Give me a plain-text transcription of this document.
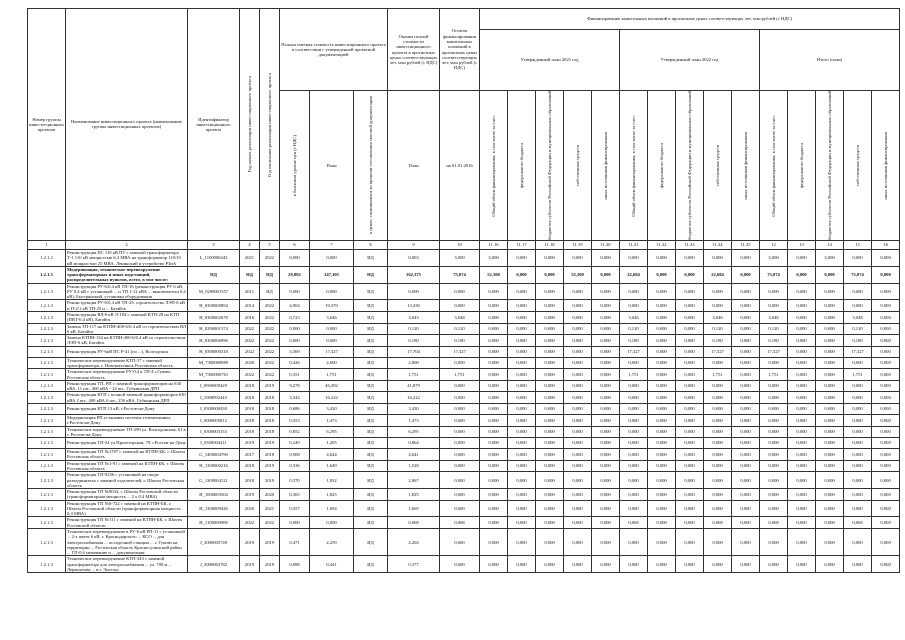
Номер группы инвести-ционных проектов	Наименование инвестиционного проекта (наименование группы инвестиционных проектов)	Идентификатор инвестиционного проекта	Год начала реализации инвестиционного проекта	Год окончания реализации инвестиционного проекта	Полная сметная стоимость инвестиционного проекта в соответствии с утвержденной проектной документацией			Оценка полной стоимости инвестиционного проекта в прогнозных ценах соответствующих лет, млн рублей (с НДС)	Остаток финансирования капитальных вложений в прогнозных ценах соответствующих лет, млн рублей (с НДС)	Финансирование капитальных вложений в прогнозных ценах соответствующих лет, млн рублей (с НДС)														
										Утвержденный план 2021 год					Утвержденный план 2022 год					Итого (план)				

					в базисном уровне цен (с НДС)	План	в ценах, сложившихся ко времени составления сметной документации	План	на 01.01.2016	Общий объем финансирования, в том числе за счет:	федерального бюджета	бюджетов субъектов Российской Федерации и муниципальных образований	собственных средств	иных источников финансирования	Общий объем финансирования, в том числе за счет:	федерального бюджета	бюджетов субъектов Российской Федерации и муниципальных образований	собственных средств	иных источников финансирования	Общий объем финансирования, в том числе за счет:	федерального бюджета	бюджетов субъектов Российской Федерации и муниципальных образований	собственных средств	иных источников финансирования

1	2	3	4	5	6	7	8	9	10	11.16	11.17	11.18	11.19	11.20	11.21	11.22	11.23	11.24	11.25	12	13	14	15	16
1.2.1.2	Реконструкция ПС 110 кВ ПТ с заменой трансформатора Т-1 110 кВ мощностью 6,3 МВА на трансформатор 110/10 кВ мощностью 25 МВА, Ленинский и устройство РЗиА	L_1100006443	2021	2022	0,000	0,000	ИД	0,003	3,000	3,000	0,000	0,000	0,000	0,000	0,000	0,000	0,000	0,000	0,000	3,000	0,000	3,000	0,000	0,000
1.2.1.3	Модернизация, техническое перевооружение трансформаторных и иных подстанций, распределительных пунктов, всего, в том числе:	НД	НД	НД	29,802	347,105	НД	162,375	75,074	52,300	0,000	0,000	52,300	0,000	22,684	0,000	0,000	22,684	0,000	75,074	0,000	0,000	75,074	0,000
1.2.1.3	Реконструкция РУ-6/0,4 кВ ТП-16 (реконструкция РУ 6 кВ, РУ 0,4 кВ с установкой ... и ТП 1-12 кВА ... выключатели 0,4 кВ), Быстрянский, установка оборудования	M_0290001357	2011	НД	0,000	0,000	ИД	0,000	0,000	0,000	0,000	0,000	0,000	0,000	0,000	0,000	0,000	0,000	0,000	0,000	0,000	0,000	0,000	0,000
1.2.1.3	Реконструкция РУ-6/0,4 кВ ТП-25, строительство ЛЭП-6 кВ и П-2/1 кВ ТП-25 и ... Батайск	H_0300000894	2014	2022	4,904	19,370	ИД	13,430	0,000	0,000	0,000	0,000	0,000	0,000	0,000	0,000	0,000	0,000	0,000	0,000	0,000	0,000	0,000	0,000
1.2.1.3	Реконструкция ВЛ-6 кВ Л-104 с заменой КТП-28 на КТП (ПВТ-0,4 кВ), Батайск	H_0300002678	2016	2022	0,723	3,646	ИД	3,043	3,048	0,000	0,000	0,000	0,000	0,000	3,046	0,000	0,000	3,046	0,000	3,048	0,000	0,000	3,048	0,000
1.2.1.3	Замена ТП-117 на КТПН-400-6/0,4 кВ со строительством ВЛ 6 кВ, Батайск	H_0290001374	2022	2022	0,000	0,000	ИД	0,120	0,120	0,000	0,000	0,000	0,000	0,000	0,120	0,000	0,000	0,120	0,000	0,120	0,000	0,000	0,120	0,000
1.2.1.3	Замена КТПН-134 на КТПН-400-6/0,4 кВ со строительством ЛЭП-6 кВ, Батайск	H_0300006996	2022	2022	0,000	0,000	ИД	0,180	0,180	0,000	0,000	0,000	0,000	0,000	0,180	0,000	0,000	0,180	0,000	0,180	0,000	0,000	0,180	0,000
1.2.1.3	Реконструкция РУ-6кВ ПС Р-41 (по ...), Волгодонск	H_0390000318	2022	2022	3,369	17,327	ИД	17,704	17,327	0,000	0,000	0,000	0,000	0,000	17,327	0,000	0,000	17,327	0,000	17,327	0,000	0,000	17,327	0,000
1.2.1.3	Техническое перевооружение КТП-17 с заменой трансформатора, г. Новошахтинск Ростовская область	M_7300000889	2020	2022	0,426	2,600	ИД	2,800	0,000	0,000	0,000	0,000	0,000	0,000	0,000	0,000	0,000	0,000	0,000	0,000	0,000	0,000	0,000	0,000
1.2.1.3	Техническое перевооружение РУ-0,4 в ТП-4 г.Гуково Ростовская область	M_7300000761	2022	2022	0,351	1,751	ИД	1,751	1,751	0,000	0,000	0,000	0,000	0,000	1,751	0,000	0,000	1,751	0,000	1,751	0,000	0,000	1,751	0,000
1.2.1.3	Реконструкция ТП, РП с заменой трансформаторов на 630 кВА, 11 шт., 400 кВА - 12 шт., Губкинская ДРП	I_0900009429	2018	2019	9,278	46,392	ИД	41,879	0,000	0,000	0,000	0,000	0,000	0,000	0,000	0,000	0,000	0,000	0,000	0,000	0,000	0,000	0,000	0,000
1.2.1.3	Реконструкция КТП с полной заменой трансформаторов 630 кВА 2 шт., 400 кВА 6 шт., 250 кВА, Губкинская ДРП	I_1000092443	2018	2018	3,344	16,222	ИД	16,222	0,000	0,000	0,000	0,000	0,000	0,000	0,000	0,000	0,000	0,000	0,000	0,000	0,000	0,000	0,000	0,000
1.2.1.3	Реконструкция КТП 13 кВ, г.Ростов-на-Дону	I_0300000430	2018	2018	0,686	3,430	ИД	3,430	0,000	0,000	0,000	0,000	0,000	0,000	0,000	0,000	0,000	0,000	0,000	0,000	0,000	0,000	0,000	0,000
1.2.1.3	Модернизация РП установки системы телемеханики, г.Ростов-на-Дону	I_0000005812	2018	2018	0,353	1,473	ИД	1,473	0,000	0,000	0,000	0,000	0,000	0,000	0,000	0,000	0,000	0,000	0,000	0,000	0,000	0,000	0,000	0,000
1.2.1.3	Техническое перевооружение ТП-299 ул. Волгодонская, 61 в г. Ростов-на-Дону	I_0300003153	2018	2018	0,852	6,295	ИД	6,295	0,000	0,000	0,000	0,000	0,000	0,000	0,000	0,000	0,000	0,000	0,000	0,000	0,000	0,000	0,000	0,000
1.2.1.3	Реконструкция ТП-24 ул.Пролетарская, 79, г.Ростов-на-Дону	I_0300004411	2019	2019	0,249	1,205	ИД	0,864	0,000	0,000	0,000	0,000	0,000	0,000	0,000	0,000	0,000	0,000	0,000	0,000	0,000	0,000	0,000	0,000
1.2.1.3	Реконструкция ТП №1707 с заменой на КТПН-БК, г. Шахты Ростовская область	G_1400004790	2017	2018	0,908	4,644	ИД	4,641	0,000	0,000	0,000	0,000	0,000	0,000	0,000	0,000	0,000	0,000	0,000	0,000	0,000	0,000	0,000	0,000
1.2.1.3	Реконструкция ТП №1-91 с заменой на КТПН-БК, г. Шахты Ростовская область	H_1300000216	2018	2019	0,336	1,649	ИД	1,528	0,000	0,000	0,000	0,000	0,000	0,000	0,000	0,000	0,000	0,000	0,000	0,000	0,000	0,000	0,000	0,000
1.2.1.3	Реконструкция ТП-9256 с установкой на опоре разъединителя с заменой отделителей, г. Шахты Ростовская область	G_1300004121	2018	2019	0,370	1,832	ИД	2,067	0,000	0,000	0,000	0,000	0,000	0,000	0,000	0,000	0,000	0,000	0,000	0,000	0,000	0,000	0,000	0,000
1.2.1.3	Реконструкция ТП №9033, г. Шахты Ростовской области (трансформаторная мощность ... 2 х 0,4 МВА)	H_1000003504	2019	2020	0,365	1,825	ИД	1,825	0,000	0,000	0,000	0,000	0,000	0,000	0,000	0,000	0,000	0,000	0,000	0,000	0,000	0,000	0,000	0,000
1.2.1.3	Реконструкция ТП №6-722 с заменой на КТПН-БК, г. Шахты Ростовской области (трансформаторная мощность 0,4 МВА)	H_1300009426	2020	2021	0,357	1,694	ИД	1,669	0,000	0,000	0,000	0,000	0,000	0,000	0,000	0,000	0,000	0,000	0,000	0,000	0,000	0,000	0,000	0,000
1.2.1.3	Реконструкция ТП №111 с заменой на КТПН-БК, г. Шахты Ростовской области	H_1100000908	2022	2022	0,000	0,000	ИД	0,068	0,068	0,000	0,000	0,000	0,000	0,000	0,068	0,000	0,000	0,068	0,000	0,068	0,000	0,000	0,068	0,000
1.2.1.3	Техническое перевооружение в РУ-6 кВ РП-11 с установкой ... 2-х ячеек 6 кВ, г. Краснодарского ... КСО ... для электроснабжения ... посадочной станции ... г. Гуково на территории ... Ростовская область Красносулинский район ... ГП-0,6 межевание и ... документации	J_3000005749	2019	2019	0,471	2,259	ИД	2,204	0,000	0,000	0,000	0,000	0,000	0,000	0,000	0,000	0,000	0,000	0,000	0,000	0,000	0,000	0,000	0,000
1.2.1.3	Техническое перевооружение КТП-343 с заменой трансформатора для электроснабжения ... ул. 700 м ... Лермонтова ... в г. Энгельс	J_3000063782	2019	2019	0,088	0,441	ИД	0,377	0,000	0,000	0,000	0,000	0,000	0,000	0,000	0,000	0,000	0,000	0,000	0,000	0,000	0,000	0,000	0,000
